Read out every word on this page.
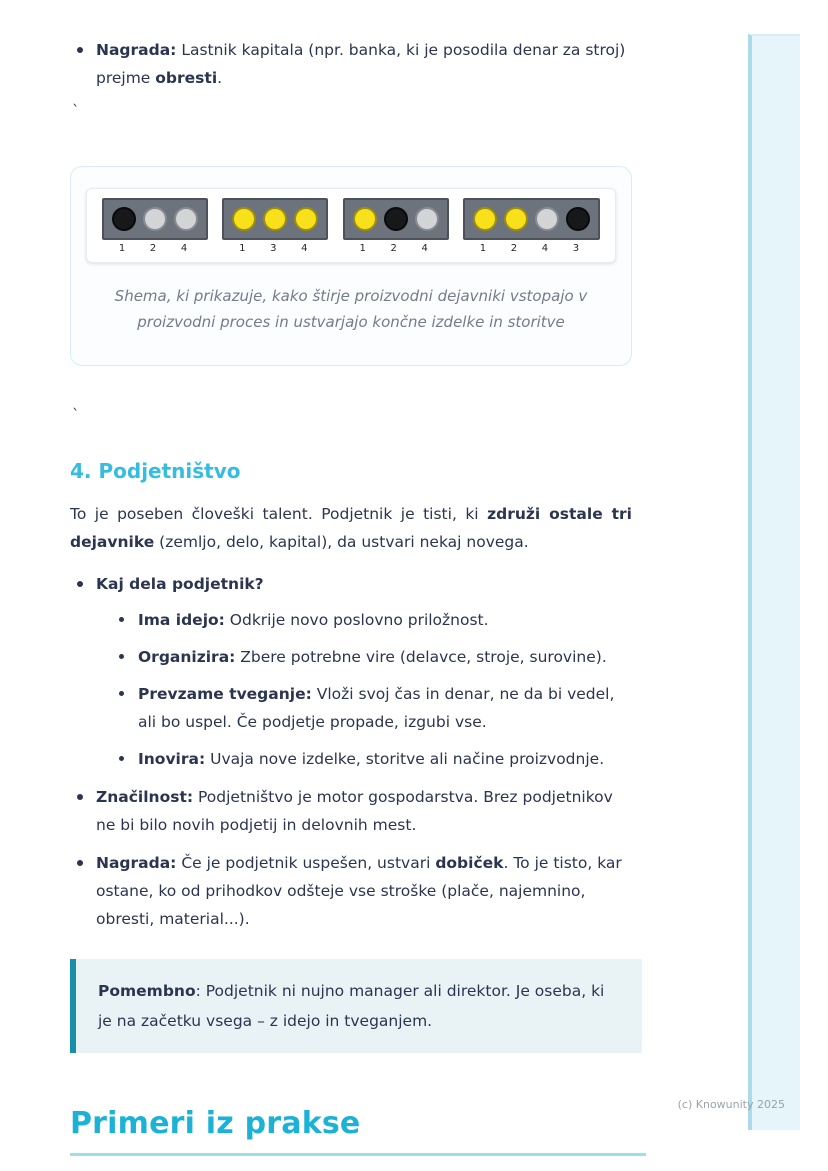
Nagrada: Lastnik kapitala (npr. banka, ki je posodila denar za stroj) prejme obresti.
`
1	2	4	1	3	4	1	2	4	1	2	4	3
Shema, ki prikazuje, kako štirje proizvodni dejavniki vstopajo v proizvodni proces in ustvarjajo končne izdelke in storitve
`
4. Podjetništvo
To je poseben človeški talent. Podjetnik je tisti, ki združi ostale tri dejavnike (zemljo, delo, kapital), da ustvari nekaj novega.
Kaj dela podjetnik?
Ima idejo: Odkrije novo poslovno priložnost.
Organizira: Zbere potrebne vire (delavce, stroje, surovine).
Prevzame tveganje: Vloži svoj čas in denar, ne da bi vedel, ali bo uspel. Če podjetje propade, izgubi vse.
Inovira: Uvaja nove izdelke, storitve ali načine proizvodnje.
Značilnost: Podjetništvo je motor gospodarstva. Brez podjetnikov ne bi bilo novih podjetij in delovnih mest.
Nagrada: Če je podjetnik uspešen, ustvari dobiček. To je tisto, kar ostane, ko od prihodkov odšteje vse stroške (plače, najemnino, obresti, material...).
Pomembno: Podjetnik ni nujno manager ali direktor. Je oseba, ki je na začetku vsega – z idejo in tveganjem.
Primeri iz prakse
(c) Knowunity 2025
